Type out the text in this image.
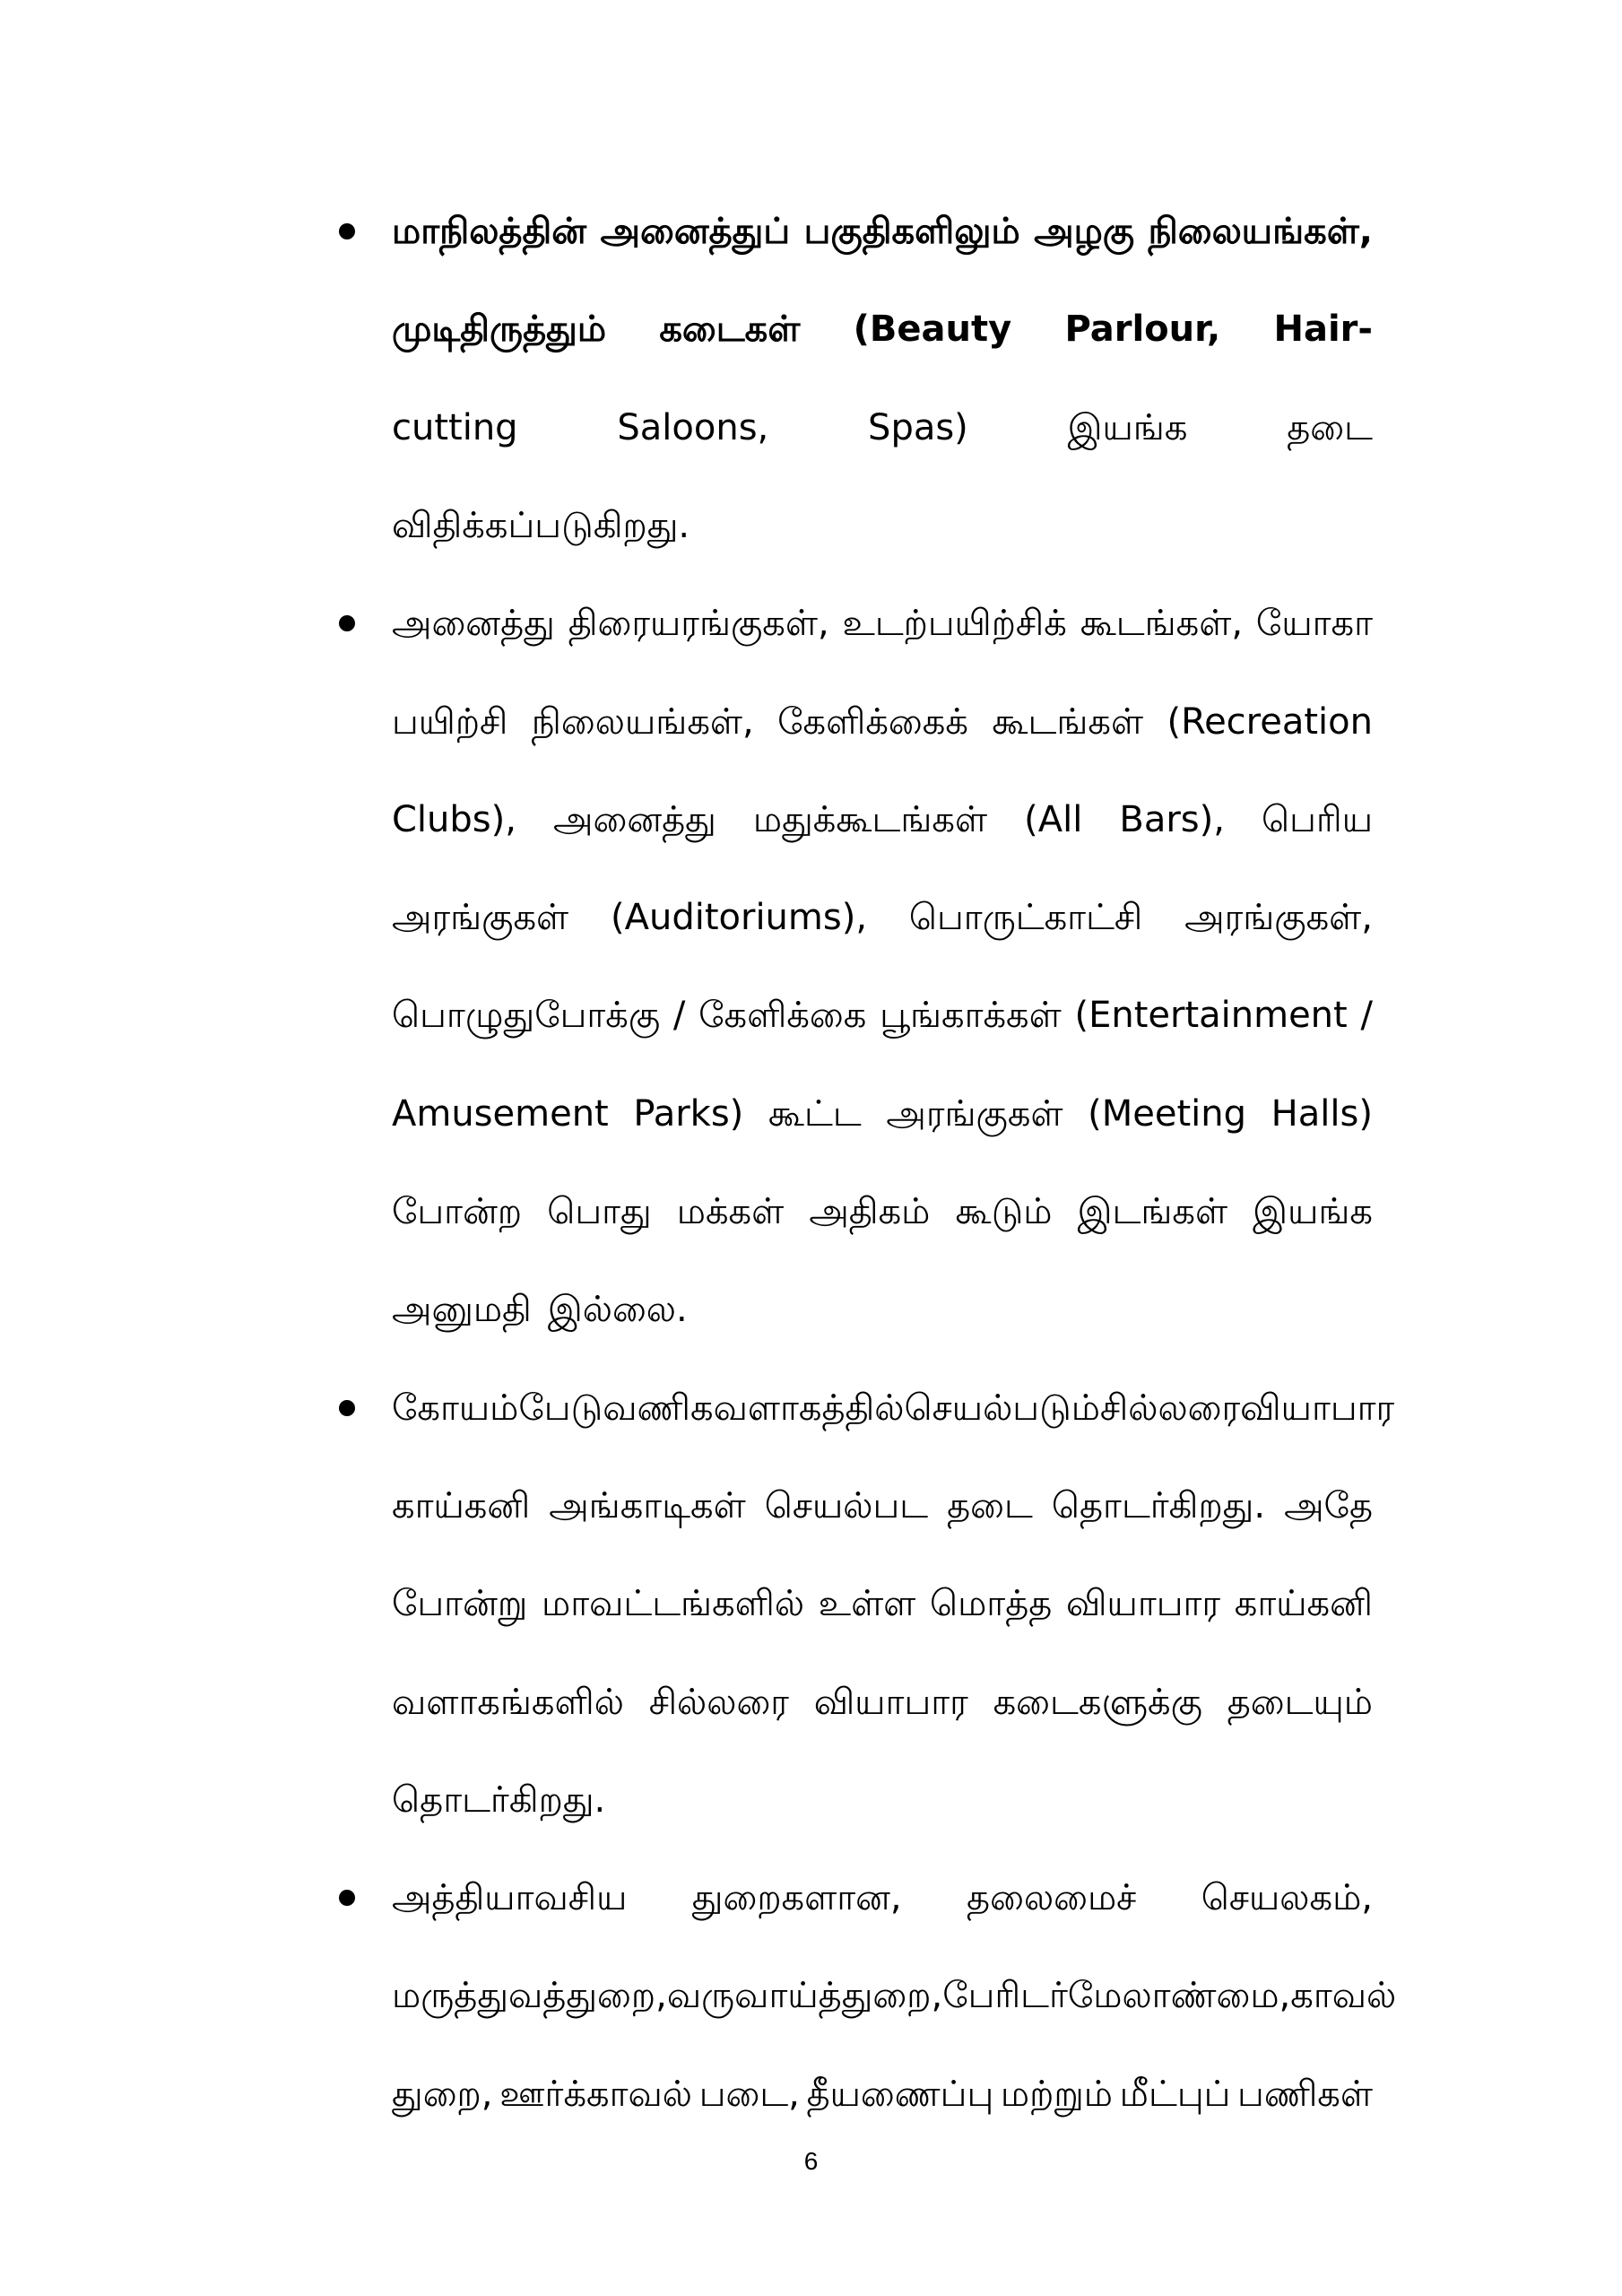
மாநிலத்தின் அனைத்துப் பகுதிகளிலும் அழகு நிலையங்கள்,
முடிதிருத்தும் கடைகள் (Beauty Parlour, Hair-
cutting	Saloons,	Spas)	இயங்க	தடை
விதிக்கப்படுகிறது.
அனைத்து திரையரங்குகள், உடற்பயிற்சிக் கூடங்கள், யோகா
பயிற்சி நிலையங்கள், கேளிக்கைக் கூடங்கள் (Recreation
Clubs), அனைத்து மதுக்கூடங்கள் (All Bars), பெரிய
அரங்குகள் (Auditoriums), பொருட்காட்சி அரங்குகள்,
பொழுதுபோக்கு / கேளிக்கை பூங்காக்கள் (Entertainment /
Amusement Parks) கூட்ட அரங்குகள் (Meeting Halls)
போன்ற பொது மக்கள் அதிகம் கூடும் இடங்கள் இயங்க
அனுமதி இல்லை.
கோயம்பேடு வணிக வளாகத்தில் செயல்படும் சில்லரை வியாபார
காய்கனி அங்காடிகள் செயல்பட தடை தொடர்கிறது. அதே
போன்று மாவட்டங்களில் உள்ள மொத்த வியாபார காய்கனி
வளாகங்களில் சில்லரை வியாபார கடைகளுக்கு தடையும்
தொடர்கிறது.
அத்தியாவசிய துறைகளான, தலைமைச் செயலகம்,
மருத்துவத்துறை, வருவாய்த்துறை, பேரிடர் மேலாண்மை, காவல்
துறை, ஊர்க்காவல் படை, தீயணைப்பு மற்றும் மீட்புப் பணிகள்
6
